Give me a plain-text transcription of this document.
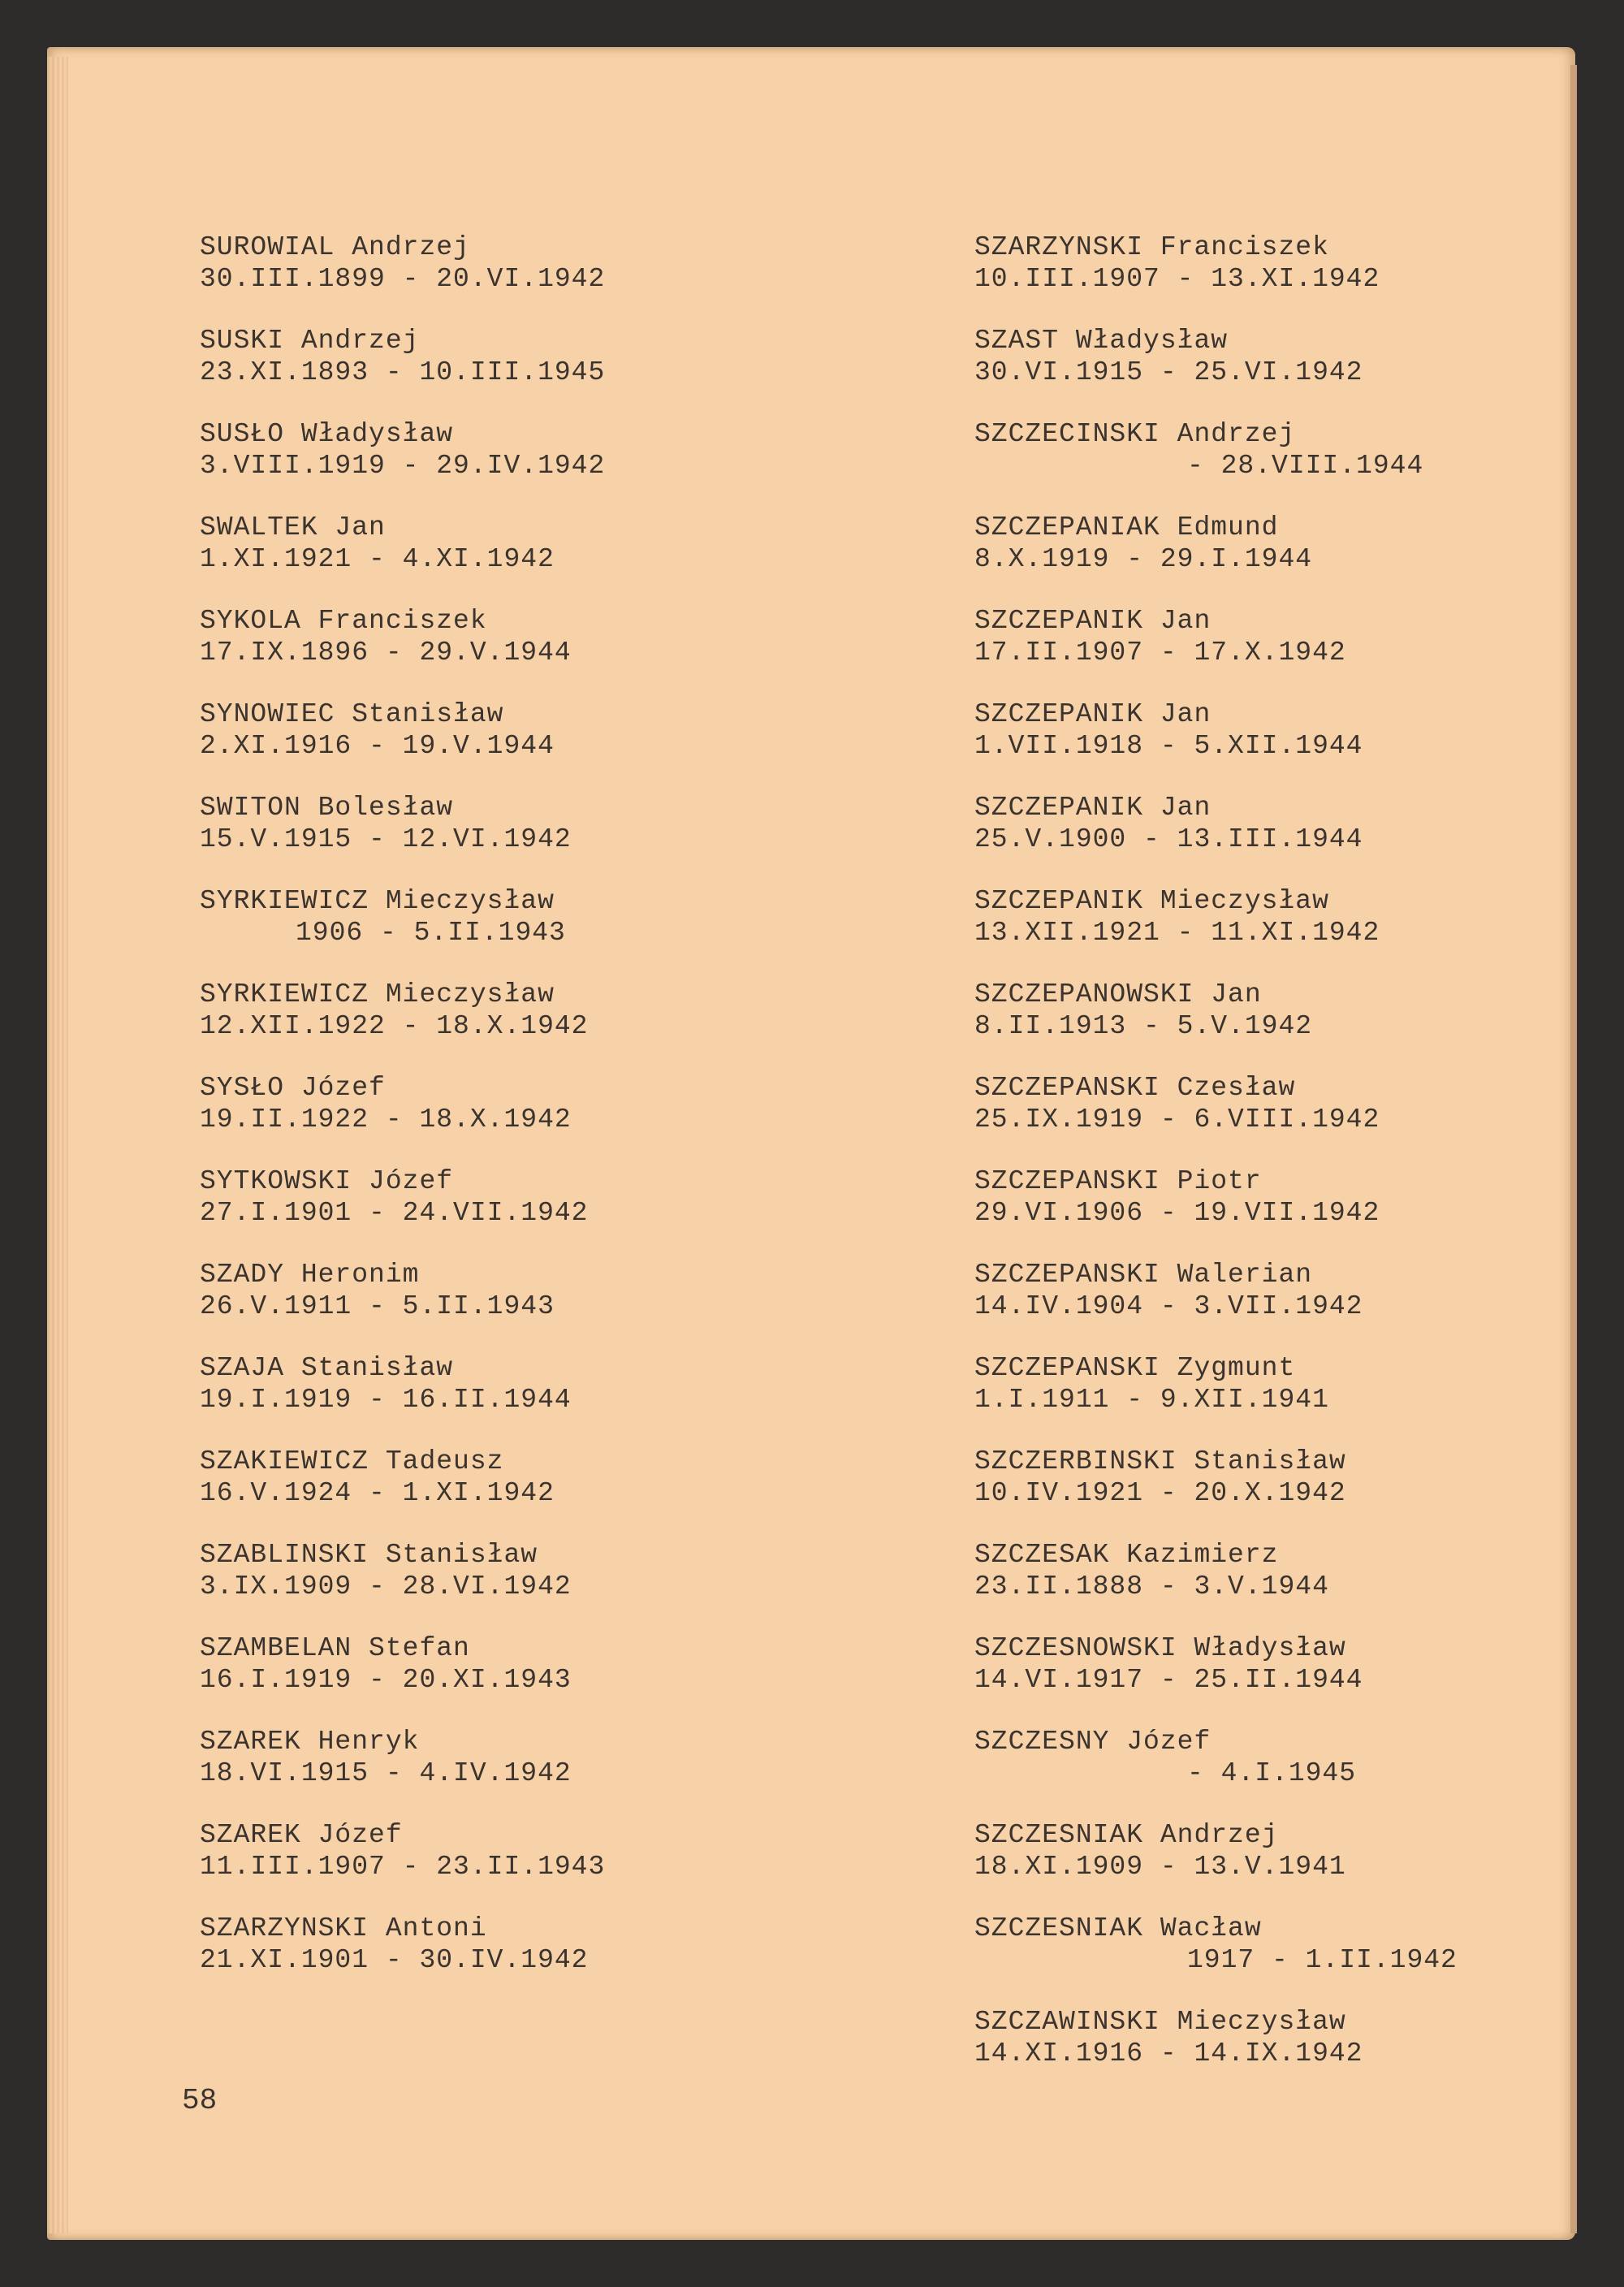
SUROWIAL Andrzej
30.III.1899 - 20.VI.1942
SUSKI Andrzej
23.XI.1893 - 10.III.1945
SUSŁO Władysław
3.VIII.1919 - 29.IV.1942
SWALTEK Jan
1.XI.1921 - 4.XI.1942
SYKOLA Franciszek
17.IX.1896 - 29.V.1944
SYNOWIEC Stanisław
2.XI.1916 - 19.V.1944
SWITON Bolesław
15.V.1915 - 12.VI.1942
SYRKIEWICZ Mieczysław
1906 - 5.II.1943
SYRKIEWICZ Mieczysław
12.XII.1922 - 18.X.1942
SYSŁO Józef
19.II.1922 - 18.X.1942
SYTKOWSKI Józef
27.I.1901 - 24.VII.1942
SZADY Heronim
26.V.1911 - 5.II.1943
SZAJA Stanisław
19.I.1919 - 16.II.1944
SZAKIEWICZ Tadeusz
16.V.1924 - 1.XI.1942
SZABLINSKI Stanisław
3.IX.1909 - 28.VI.1942
SZAMBELAN Stefan
16.I.1919 - 20.XI.1943
SZAREK Henryk
18.VI.1915 - 4.IV.1942
SZAREK Józef
11.III.1907 - 23.II.1943
SZARZYNSKI Antoni
21.XI.1901 - 30.IV.1942
SZARZYNSKI Franciszek
10.III.1907 - 13.XI.1942
SZAST Władysław
30.VI.1915 - 25.VI.1942
SZCZECINSKI Andrzej
- 28.VIII.1944
SZCZEPANIAK Edmund
8.X.1919 - 29.I.1944
SZCZEPANIK Jan
17.II.1907 - 17.X.1942
SZCZEPANIK Jan
1.VII.1918 - 5.XII.1944
SZCZEPANIK Jan
25.V.1900 - 13.III.1944
SZCZEPANIK Mieczysław
13.XII.1921 - 11.XI.1942
SZCZEPANOWSKI Jan
8.II.1913 - 5.V.1942
SZCZEPANSKI Czesław
25.IX.1919 - 6.VIII.1942
SZCZEPANSKI Piotr
29.VI.1906 - 19.VII.1942
SZCZEPANSKI Walerian
14.IV.1904 - 3.VII.1942
SZCZEPANSKI Zygmunt
1.I.1911 - 9.XII.1941
SZCZERBINSKI Stanisław
10.IV.1921 - 20.X.1942
SZCZESAK Kazimierz
23.II.1888 - 3.V.1944
SZCZESNOWSKI Władysław
14.VI.1917 - 25.II.1944
SZCZESNY Józef
- 4.I.1945
SZCZESNIAK Andrzej
18.XI.1909 - 13.V.1941
SZCZESNIAK Wacław
1917 - 1.II.1942
SZCZAWINSKI Mieczysław
14.XI.1916 - 14.IX.1942
58
